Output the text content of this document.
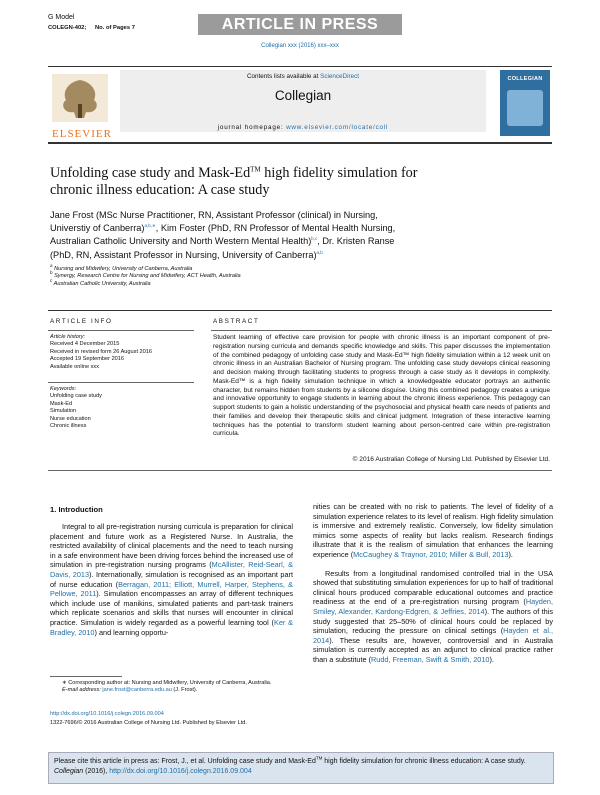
G Model
COLEGN-402; No. of Pages 7	ARTICLE IN PRESS
Collegian xxx (2016) xxx–xxx
ELSEVIER
Contents lists available at ScienceDirect
Collegian
journal homepage: www.elsevier.com/locate/coll
COLLEGIAN
Unfolding case study and Mask-Ed™ high fidelity simulation for
chronic illness education: A case study
Jane Frost (MSc Nurse Practitioner, RN, Assistant Professor (clinical) in Nursing,
Universtiy of Canberra)$^{a,b,∗}$, Kim Foster (PhD, RN Professor of Mental Health Nursing,
Australian Catholic University and North Western Mental Health)$^{b,c}$, Dr. Kristen Ranse
(PhD, RN, Assistant Professor in Nursing, University of Canberra)$^{a,b}$
$^a$ Nursing and Midwifery, University of Canberra, Australia
$^b$ Synergy, Research Centre for Nursing and Midwifery, ACT Health, Australia
$^c$ Australian Catholic University, Australia
ARTICLE INFO
Article history:
Received 4 December 2015
Received in revised form 26 August 2016
Accepted 19 September 2016
Available online xxx
Keywords:
Unfolding case study
Mask-Ed
Simulation
Nurse education
Chronic illness
ABSTRACT
Student learning of effective care provision for people with chronic illness is an important component of pre-registration nursing curricula and demands specific knowledge and skills. This paper discusses the implementation of the combined pedagogy of unfolding case study and Mask-Ed™ high fidelity simulation within a 12 week unit on chronic illness in an Australian Bachelor of Nursing program. The unfolding case study develops clinical reasoning and decision making through facilitating students to progress through a case study as it develops in complexity. Mask-Ed™ is a high fidelity simulation technique in which a knowledgeable educator portrays an authentic character, but remains hidden from students by a silicone disguise. Using this combined pedagogy creates a unique and innovative opportunity to engage students in learning about the chronic illness experience. This pedagogy can support students to gain a holistic understanding of the psychosocial and physical health care needs of patients and their families and develop their therapeutic skills and clinical judgment. Integration of these interactive learning techniques has the potential to transform student learning about person-centred care within pre-registration curricula.
© 2016 Australian College of Nursing Ltd. Published by Elsevier Ltd.
1. Introduction

Integral to all pre-registration nursing curricula is preparation for clinical placement and future work as a Registered Nurse. In Australia, the restricted availability of clinical placements and the need to teach nursing in a safe environment have been driving forces behind the increased use of simulation in pre-registration nursing programs (McAllister, Reid-Searl, & Davis, 2013). Internationally, simulation is recognised as an important part of nurse education (Berragan, 2011; Elliott, Murrell, Harper, Stephens, & Pellowe, 2011). Simulation encompasses an array of different techniques which include use of manikins, simulated patients and part-task trainers which replicate scenarios and skills that nurses will encounter in clinical practice. Simulation is widely regarded as a powerful learning tool (Ker & Bradley, 2010) and learning opportu-

nities can be created with no risk to patients. The level of fidelity of a simulation experience relates to its level of realism. High fidelity simulation is immersive and extremely realistic. Conversely, low fidelity simulation mimics some aspects of reality but lacks realism. Research findings illustrate that it is the realism of simulation that enhances the learning experience (McCaughey & Traynor, 2010; Miller & Bull, 2013).

Results from a longitudinal randomised controlled trial in the USA showed that substituting simulation experiences for up to half of traditional clinical hours produced comparable educational outcomes and practice readiness at the end of a pre-registration nursing program (Hayden, Smiley, Alexander, Kardong-Edgren, & Jeffries, 2014). The authors of this study suggested that 25–50% of clinical hours could be replaced by simulation, reducing the pressure on clinical settings (Hayden et al., 2014). These results are, however, controversial and in Australia simulation is currently accepted as an adjunct to clinical practice rather than a substitute (Rudd, Freeman, Swift & Smith, 2010).

∗ Corresponding author at: Nursing and Midwifery, University of Canberra, Australia.
E-mail address: jane.frost@canberra.edu.au (J. Frost).
http://dx.doi.org/10.1016/j.colegn.2016.09.004
1322-7696/© 2016 Australian College of Nursing Ltd. Published by Elsevier Ltd.
Please cite this article in press as: Frost, J., et al. Unfolding case study and Mask-Ed™ high fidelity simulation for chronic illness education: A case study. Collegian (2016), http://dx.doi.org/10.1016/j.colegn.2016.09.004
